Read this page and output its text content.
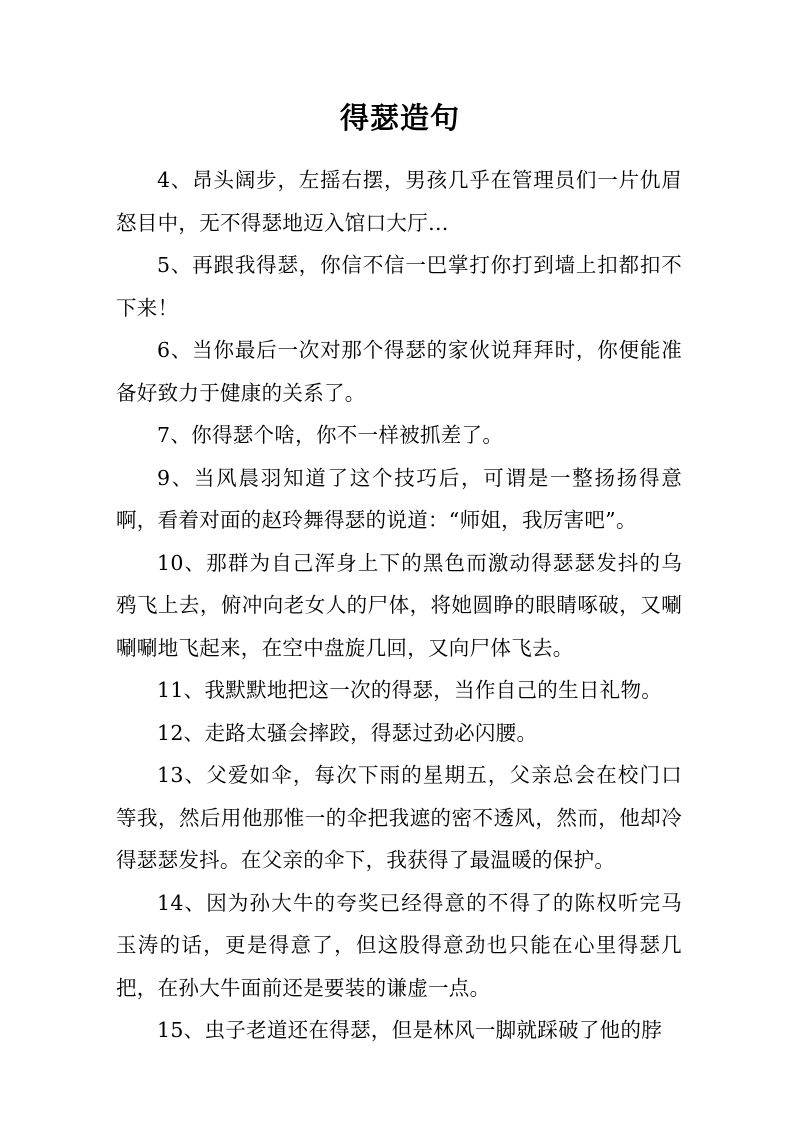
得瑟造句

4、昂头阔步，左摇右摆，男孩几乎在管理员们一片仇眉怒目中，无不得瑟地迈入馆口大厅…

5、再跟我得瑟，你信不信一巴掌打你打到墙上扣都扣不下来！

6、当你最后一次对那个得瑟的家伙说拜拜时，你便能准备好致力于健康的关系了。

7、你得瑟个啥，你不一样被抓差了。

9、当风晨羽知道了这个技巧后，可谓是一整扬扬得意啊，看着对面的赵玲舞得瑟的说道：“师姐，我厉害吧”。

10、那群为自己浑身上下的黑色而激动得瑟瑟发抖的乌鸦飞上去，俯冲向老女人的尸体，将她圆睁的眼睛啄破，又唰唰唰地飞起来，在空中盘旋几回，又向尸体飞去。

11、我默默地把这一次的得瑟，当作自己的生日礼物。

12、走路太骚会摔跤，得瑟过劲必闪腰。

13、父爱如伞，每次下雨的星期五，父亲总会在校门口等我，然后用他那惟一的伞把我遮的密不透风，然而，他却冷得瑟瑟发抖。在父亲的伞下，我获得了最温暖的保护。

14、因为孙大牛的夸奖已经得意的不得了的陈权听完马玉涛的话，更是得意了，但这股得意劲也只能在心里得瑟几把，在孙大牛面前还是要装的谦虚一点。

15、虫子老道还在得瑟，但是林风一脚就踩破了他的脖
